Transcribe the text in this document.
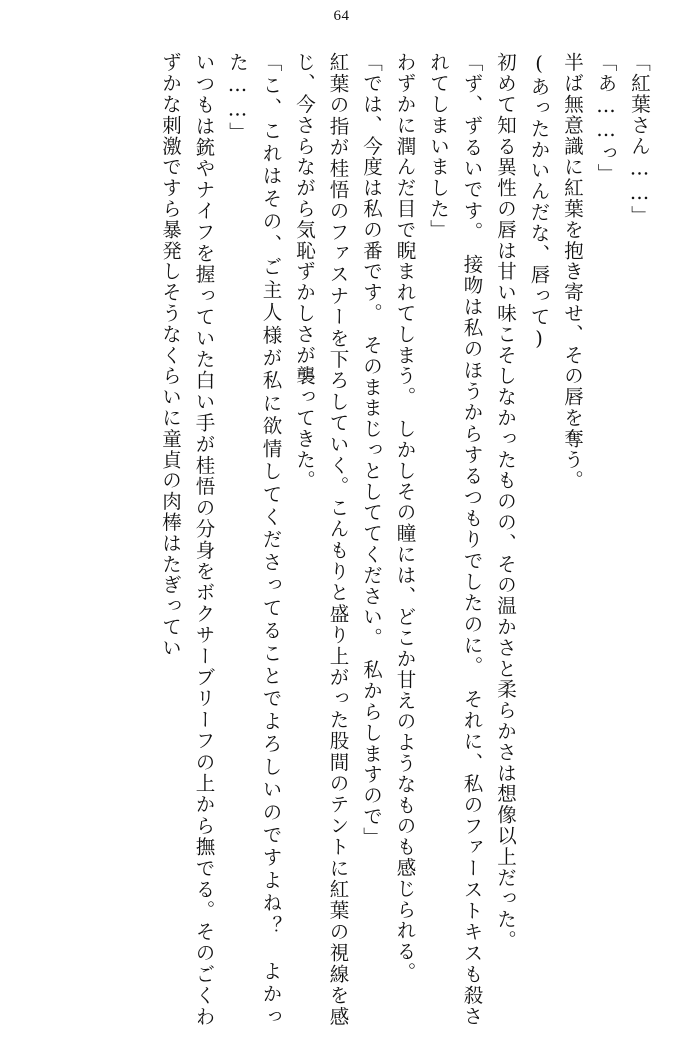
64

「紅葉さん……」

「あ……っ」

半ば無意識に紅葉を抱き寄せ、その唇を奪う。

(あったかいんだな、唇って)

初めて知る異性の唇は甘い味こそしなかったものの、その温かさと柔らかさは想像以上だった。

「ず、ずるいです。　接吻は私のほうからするつもりでしたのに。　それに、私のファーストキスも殺されてしまいました」

わずかに潤んだ目で睨まれてしまう。　しかしその瞳には、どこか甘えのようなものも感じられる。

「では、今度は私の番です。　そのままじっとしててください。　私からしますので」

紅葉の指が桂悟のファスナーを下ろしていく。こんもりと盛り上がった股間のテントに紅葉の視線を感じ、今さらながら気恥ずかしさが襲ってきた。

「こ、これはその、ご主人様が私に欲情してくださってることでよろしいのですよね？　よかった……」

いつもは銃やナイフを握っていた白い手が桂悟の分身をボクサーブリーフの上から撫でる。そのごくわずかな刺激ですら暴発しそうなくらいに童貞の肉棒はたぎってい
